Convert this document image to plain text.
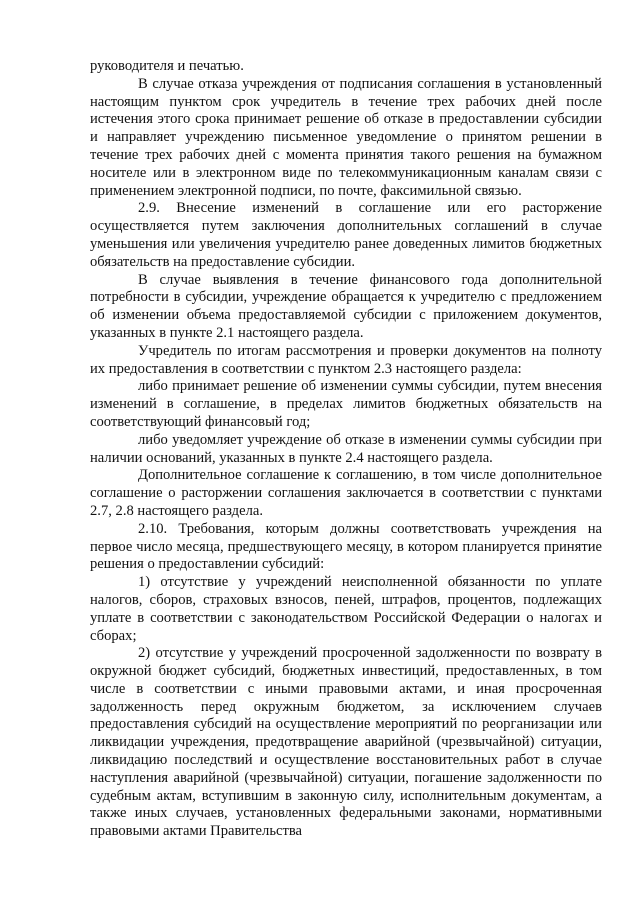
руководителя и печатью.

В случае отказа учреждения от подписания соглашения в установленный настоящим пунктом срок учредитель в течение трех рабочих дней после истечения этого срока принимает решение об отказе в предоставлении субсидии и направляет учреждению письменное уведомление о принятом решении в течение трех рабочих дней с момента принятия такого решения на бумажном носителе или в электронном виде по телекоммуникационным каналам связи с применением электронной подписи, по почте, факсимильной связью.

2.9. Внесение изменений в соглашение или его расторжение осуществляется путем заключения дополнительных соглашений в случае уменьшения или увеличения учредителю ранее доведенных лимитов бюджетных обязательств на предоставление субсидии.

В случае выявления в течение финансового года дополнительной потребности в субсидии, учреждение обращается к учредителю с предложением об изменении объема предоставляемой субсидии с приложением документов, указанных в пункте 2.1 настоящего раздела.

Учредитель по итогам рассмотрения и проверки документов на полноту их предоставления в соответствии с пунктом 2.3 настоящего раздела:

либо принимает решение об изменении суммы субсидии, путем внесения изменений в соглашение, в пределах лимитов бюджетных обязательств на соответствующий финансовый год;

либо уведомляет учреждение об отказе в изменении суммы субсидии при наличии оснований, указанных в пункте 2.4 настоящего раздела.

Дополнительное соглашение к соглашению, в том числе дополнительное соглашение о расторжении соглашения заключается в соответствии с пунктами 2.7, 2.8 настоящего раздела.

2.10. Требования, которым должны соответствовать учреждения на первое число месяца, предшествующего месяцу, в котором планируется принятие решения о предоставлении субсидий:

1) отсутствие у учреждений неисполненной обязанности по уплате налогов, сборов, страховых взносов, пеней, штрафов, процентов, подлежащих уплате в соответствии с законодательством Российской Федерации о налогах и сборах;

2) отсутствие у учреждений просроченной задолженности по возврату в окружной бюджет субсидий, бюджетных инвестиций, предоставленных, в том числе в соответствии с иными правовыми актами, и иная просроченная задолженность перед окружным бюджетом, за исключением случаев предоставления субсидий на осуществление мероприятий по реорганизации или ликвидации учреждения, предотвращение аварийной (чрезвычайной) ситуации, ликвидацию последствий и осуществление восстановительных работ в случае наступления аварийной (чрезвычайной) ситуации, погашение задолженности по судебным актам, вступившим в законную силу, исполнительным документам, а также иных случаев, установленных федеральными законами, нормативными правовыми актами Правительства
